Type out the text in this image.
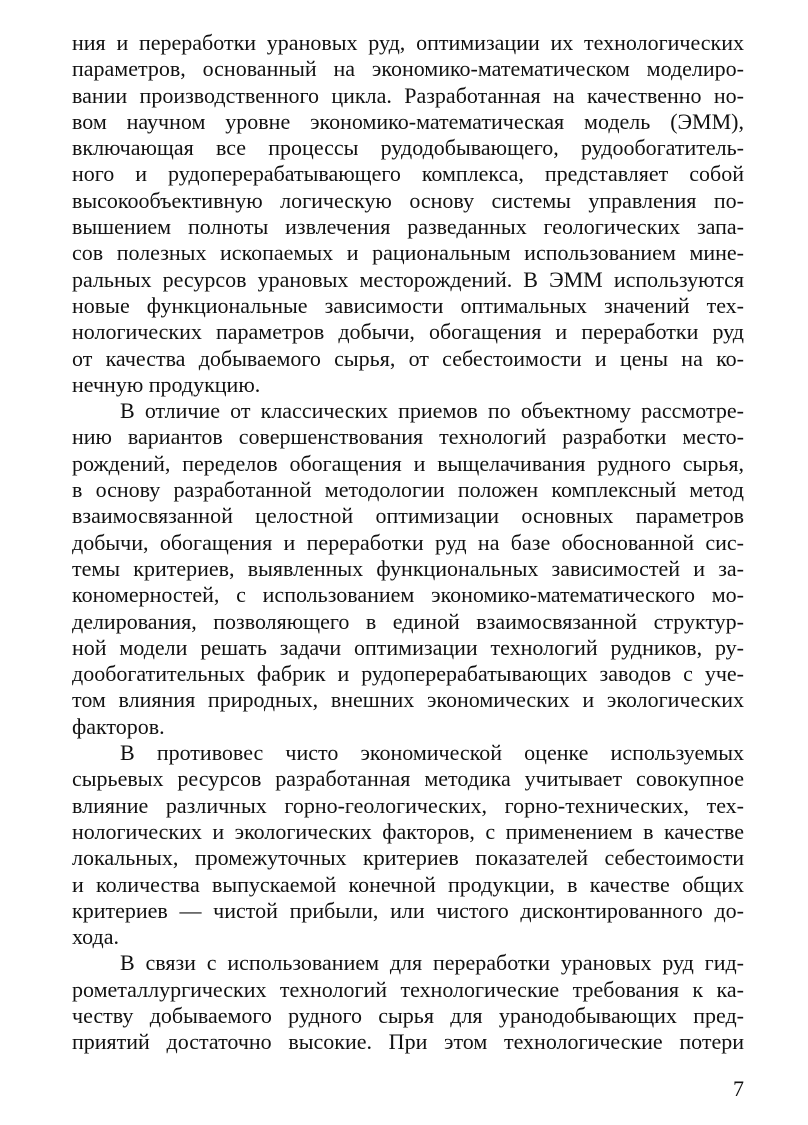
ния и переработки урановых руд, оптимизации их технологических
параметров, основанный на экономико-математическом моделиро-
вании производственного цикла. Разработанная на качественно но-
вом научном уровне экономико-математическая модель (ЭММ),
включающая все процессы рудодобывающего, рудообогатитель-
ного и рудоперерабатывающего комплекса, представляет собой
высокообъективную логическую основу системы управления по-
вышением полноты извлечения разведанных геологических запа-
сов полезных ископаемых и рациональным использованием мине-
ральных ресурсов урановых месторождений. В ЭММ используются
новые функциональные зависимости оптимальных значений тех-
нологических параметров добычи, обогащения и переработки руд
от качества добываемого сырья, от себестоимости и цены на ко-
нечную продукцию.
В отличие от классических приемов по объектному рассмотре-
нию вариантов совершенствования технологий разработки место-
рождений, переделов обогащения и выщелачивания рудного сырья,
в основу разработанной методологии положен комплексный метод
взаимосвязанной целостной оптимизации основных параметров
добычи, обогащения и переработки руд на базе обоснованной сис-
темы критериев, выявленных функциональных зависимостей и за-
кономерностей, с использованием экономико-математического мо-
делирования, позволяющего в единой взаимосвязанной структур-
ной модели решать задачи оптимизации технологий рудников, ру-
дообогатительных фабрик и рудоперерабатывающих заводов с уче-
том влияния природных, внешних экономических и экологических
факторов.
В противовес чисто экономической оценке используемых
сырьевых ресурсов разработанная методика учитывает совокупное
влияние различных горно-геологических, горно-технических, тех-
нологических и экологических факторов, с применением в качестве
локальных, промежуточных критериев показателей себестоимости
и количества выпускаемой конечной продукции, в качестве общих
критериев — чистой прибыли, или чистого дисконтированного до-
хода.
В связи с использованием для переработки урановых руд гид-
рометаллургических технологий технологические требования к ка-
честву добываемого рудного сырья для уранодобывающих пред-
приятий достаточно высокие. При этом технологические потери
7
